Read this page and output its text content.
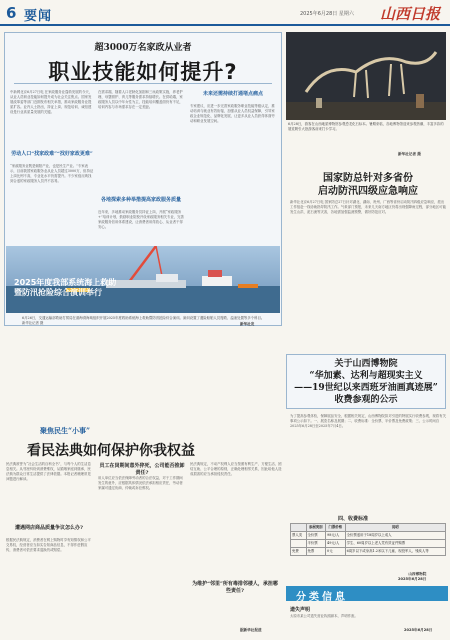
6 要闻	2025年6月28日 星期六 山西日报
超3000万名家政从业者
职业技能如何提升?
中新网北京6月27日电 在家政服务业蓬勃发展的今天，从业人员职业技能如何提升成为社会关注焦点。国家发展改革委等部门近期发布相关举措，推动家政服务业提质扩容。业内人士指出，持证上岗、规范培训、诚信建设是行业高质量发展的关键。
劳动人口“找家政难”“找好家政更难”
“家政服务业既是朝阳产业，也是民生产业。”专家表示，目前我国家政服务业从业人员超过3000万，但持证上岗比例不高，专业化水平仍需提升。不少家庭反映找到合适的家政服务人员并不容易。
在需求端，随着人口老龄化加剧和三孩政策实施，养老护理、母婴照护、育儿等服务需求持续增长。在供给端，家政服务人员以中年女性为主，技能培训覆盖面仍有不足，培训内容与市场需求存在一定差距。
各地探索多种举措提高家政服务质量
近年来，多地推动家政服务员持证上岗，开展“家政服务+”培训计划，鼓励职业院校开设家政服务相关专业，完善家政服务信用体系建设，让消费者用得放心、从业者干得安心。
未来还需持续打通堵点痛点
专家建议，应进一步完善家政服务职业技能等级认定，推动培训与就业有效衔接，加强从业人员权益保障，引导家政企业规范化、品牌化发展，让更多从业人员获得体面劳动和职业发展空间。
2025年度我部系统海上救助
暨防汛抢险综合演训举行
6月26日，交通运输部救助打捞局在渤海湾海域组织开展2025年度救助系统海上救助暨防汛抢险综合演训。演训设置了遇险船舶人员搜救、溢油处置等多个科目。新华社记者 摄	新华社发
6月28日，游客在山西地质博物馆参观恐龙化石标本。暑期来临，各地博物馆迎来参观热潮，丰富多彩的展览吸引大批游客前来打卡学习。
新华社记者 摄
国家防总针对多省份
启动防汛四级应急响应
新华社北京6月27日电 国家防总27日针对湖北、湖南、贵州、广西等省份启动防汛四级应急响应，派出工作组赴一线协助指导防汛工作。气象部门预报，未来几天南方地区仍将出现强降雨过程，部分地区可能发生山洪、泥石流等灾害，各地需加强监测预警，做好防范应对。
关于山西博物院
“华加素、达利与超现实主义
——19世纪以来西班牙油画真迹展”
收费参观的公示
为了提高参观体验，保障展品安全，根据相关规定，山西博物院拟对引进的特展实行收费参观，现将有关事项公示如下。一、展览名称及展期；二、收费标准：全价票、半价票及免费政策；三、公示时间自2025年6月28日至2025年7月4日。
四、收费标准
	参展类别	门票价格	说明
票人类	全价票	98元/人	全价票适用于18周岁以上成人
	半价票	49元/人	学生、60周岁以上老人凭有效证件购票
免费	免票	0元	6周岁以下或身高1.2米以下儿童、现役军人、残疾人等
山西博物院
2025年6月28日
分类信息
遗失声明
太原市某公司遗失营业执照副本，声明作废。
2025年6月28日
聚焦民生“小事”
看民法典如何保护你我权益
民法典被誉为“社会生活的百科全书”，与每个人的生活息息相关。从邻里纠纷到消费维权，从婚姻家庭到继承，民法典为群众日常生活提供了法律依据。本报记者梳理常见问题进行解读。
遭遇网店商品质量争议怎么办?
根据民法典规定，消费者在网上购物时享有知情权和公平交易权，经营者应当如实告知商品信息，不得作虚假宣传，消费者可依法要求退换货或赔偿。
员工在岗期间意外猝死，公司能否推卸责任?
用人单位应当依法保障劳动者的合法权益，对于工作期间发生的意外，应根据具体情况依法承担相应责任，劳动者家属可通过协商、仲裁或诉讼维权。
为维护“邻里”所有毒排邻楼人，承担哪些责任?
民法典规定，不动产权利人应当按照有利生产、方便生活、团结互助、公平合理的原则，正确处理相邻关系，因此给他人造成损害的应当承担侵权责任。
据新华社报道
